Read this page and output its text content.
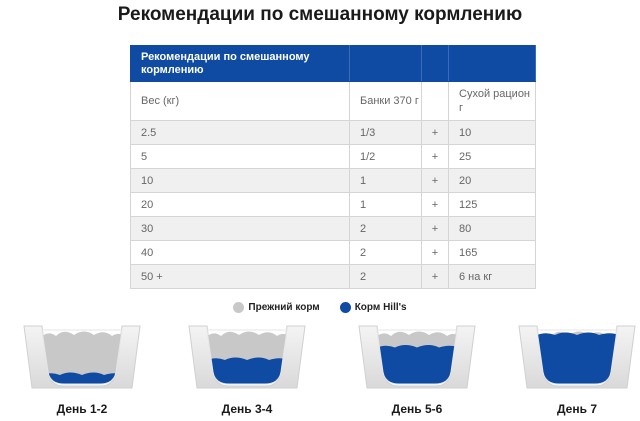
Рекомендации по смешанному кормлению
Рекомендации по смешанному кормлению			
Вес (кг)	Банки 370 г		Сухой рацион г
2.5	1/3	+	10
5	1/2	+	25
10	1	+	20
20	1	+	125
30	2	+	80
40	2	+	165
50 +	2	+	6 на кг
Прежний корм	Корм Hill's
День 1-2	День 3-4	День 5-6	День 7
